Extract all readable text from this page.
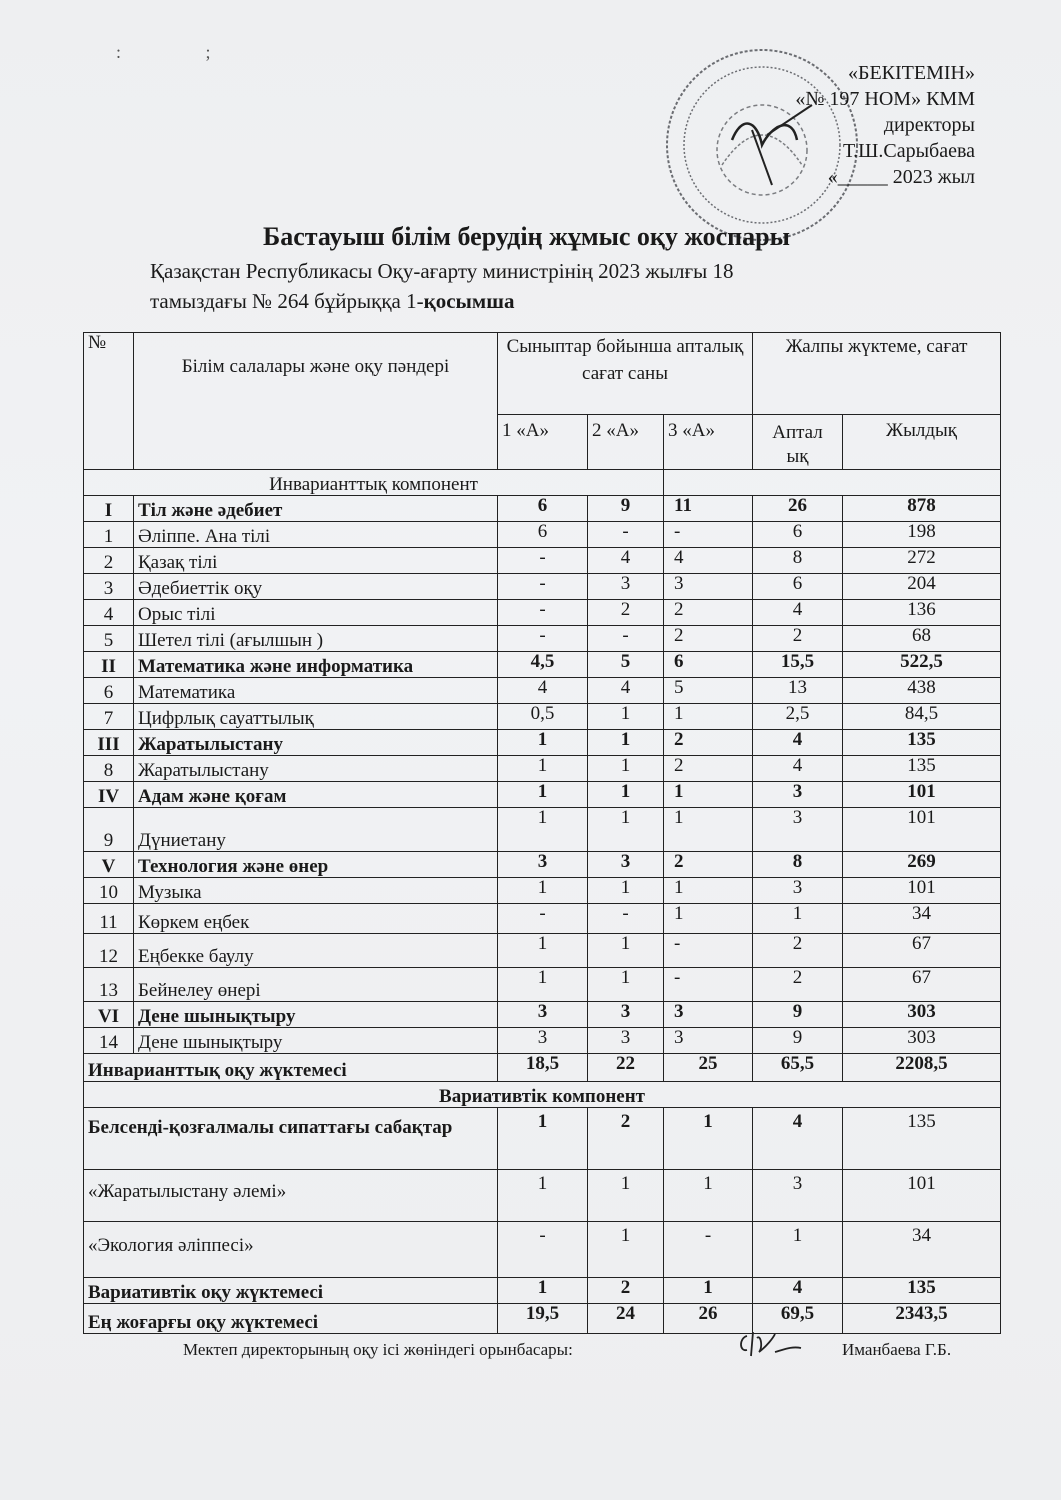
: ;
«БЕКІТЕМІН»
«№ 197 НОМ» КММ
директоры
Т.Ш.Сарыбаева
«_____ 2023 жыл
Бастауыш білім берудің жұмыс оқу жоспары
Қазақстан Республикасы Оқу-ағарту министрінің 2023 жылғы 18
тамыздағы № 264 бұйрыққа 1-қосымша
№	Білім салалары және оқу пәндері	Сыныптар бойынша апталық сағат саны			Жалпы жүктеме, сағат	
		1 «А»	2 «А»	3 «А»	Аптал ық	Жылдық
Инварианттық компонент						
I	Тіл және әдебиет	6	9	11	26	878
1	Әліппе. Ана тілі	6	-	-	6	198
2	Қазақ тілі	-	4	4	8	272
3	Әдебиеттік оқу	-	3	3	6	204
4	Орыс тілі	-	2	2	4	136
5	Шетел тілі (ағылшын )	-	-	2	2	68
II	Математика және информатика	4,5	5	6	15,5	522,5
6	Математика	4	4	5	13	438
7	Цифрлық сауаттылық	0,5	1	1	2,5	84,5
III	Жаратылыстану	1	1	2	4	135
8	Жаратылыстану	1	1	2	4	135
IV	Адам және қоғам	1	1	1	3	101
9	Дүниетану	1	1	1	3	101
V	Технология және өнер	3	3	2	8	269
10	Музыка	1	1	1	3	101
11	Көркем еңбек	-	-	1	1	34
12	Еңбекке баулу	1	1	-	2	67
13	Бейнелеу өнері	1	1	-	2	67
VI	Дене шынықтыру	3	3	3	9	303
14	Дене шынықтыру	3	3	3	9	303
Инварианттық оқу жүктемесі		18,5	22	25	65,5	2208,5
Вариативтік компонент						
Белсенді-қозғалмалы сипаттағы сабақтар		1	2	1	4	135
«Жаратылыстану әлемі»		1	1	1	3	101
«Экология әліппесі»		-	1	-	1	34
Вариативтік оқу жүктемесі		1	2	1	4	135
Ең жоғарғы оқу жүктемесі		19,5	24	26	69,5	2343,5
Мектеп директорының оқу ісі жөніндегі орынбасары:	Иманбаева Г.Б.
